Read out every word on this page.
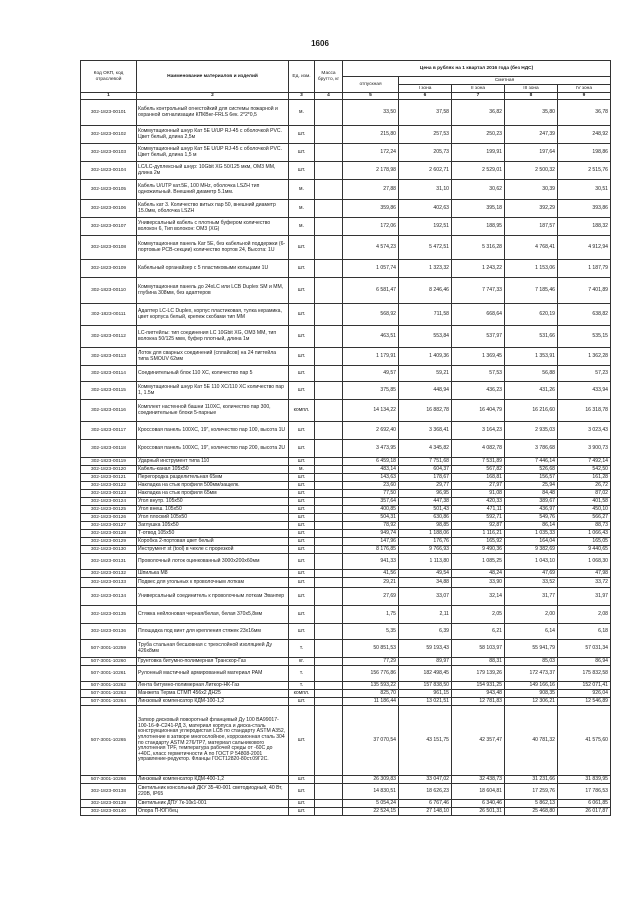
1606
Код ОКП, код отраслевой	Наименование материалов и изделий	Ед. изм.	Масса брутто, кг	Цена в рублях на 1 квартал 2016 года (без НДС)				
				отпускная	Сметная			
					I зона	II зона	III зона	IV зона
1	2	3	4	5	6	7	8	9
302-1823-00101	Кабель контрольный огнестойкий для системы пожарной и охранной сигнализации КПКВнг-FRLS 6ек. 2*2*0,5	м.		33,50	37,58	36,82	35,80	36,78
302-1823-00102	Коммутационный шнур Кат 5E U/UP RJ-45 с оболочкой PVC. Цвет белый, длина 2,5м	шт.		215,80	257,53	250,23	247,39	248,92
302-1823-00103	Коммутационный шнур Кат 5E U/UP RJ-45 с оболочкой PVC. Цвет белый, длина 1,5 м	шт.		172,24	205,73	199,91	197,64	198,86
302-1823-00104	LC/LC-дуплексный шнур: 10Gbit XG 50/125 мкм, OM3 MM, длина 2м	шт.		2 178,98	2 602,71	2 529,01	2 500,32	2 515,76
302-1823-00105	Кабель U/UTP кат.5E, 100 MHz, оболочка LSZH тип одножильный. Внешний диаметр 5.1мм.	м.		27,88	31,10	30,62	30,39	30,51
302-1823-00106	Кабель кат 3. Количество витых пар 50, внешний диаметр 15.0мм, оболочка LSZH	м.		359,86	402,63	395,18	392,29	393,86
302-1823-00107	Универсальный кабель с плотным буфером количество волокон 6, Тип волокон: OM3 (XG)	м.		172,06	192,51	188,95	187,57	188,32
302-1823-00108	Коммутационная панель Кат 5E, без кабельной поддержки (6-портовые PCB-секции) количество портов 24, Высота: 1U	шт.		4 574,23	5 472,51	5 316,28	4 768,41	4 912,94
302-1823-00109	Кабельный органайзер с 5 пластиковыми кольцами 1U	шт.		1 057,74	1 323,32	1 243,22	1 153,06	1 187,79
302-1823-00110	Коммутационная панель до 24xLC или LCB Duplex SM и MM, глубина 308мм, без адаптеров	шт.		6 581,47	8 246,46	7 747,33	7 185,46	7 401,89
302-1823-00111	Адаптер LC-LC Duplex, корпус пластиковая, тулка керамика, цвет корпуса белый, крепеж скобами тип MM	шт.		568,92	711,58	668,64	620,19	638,82
302-1823-00112	LC-пигтейлы: тип соединения LC 10Gbit XG, OM3 MM, тип волокна 50/125 мкм, буфер плотный, длина 1м	шт.		463,51	553,84	537,97	531,66	535,15
302-1823-00113	Лоток для сварных соединений (сплайсов) на 24 пигтейла типа SMOUV 62мм	шт.		1 179,91	1 409,36	1 369,45	1 353,91	1 362,28
302-1823-00114	Соединительный блок 110 XC, количество пар 5	шт.		49,57	59,21	57,53	56,88	57,23
302-1823-00115	Коммутационный шнур Кат 5E 110 XC/110 XC количество пар 1, 1.5м	шт.		375,85	448,94	436,23	431,26	433,94
302-1823-00116	Комплект настенной башни 110XC, количество пар 300, соединительные блоки 5-парные	компл.		14 134,22	16 882,78	16 404,79	16 216,60	16 318,78
302-1823-00117	Кроссовая панель 100XC, 19", количество пар 100, высота 1U	шт.		2 692,40	3 368,41	3 164,23	2 935,03	3 023,43
302-1823-00118	Кроссовая панель 100XC, 19", количество пар 200, высота 2U	шт.		3 473,95	4 345,82	4 082,78	3 786,68	3 900,73
302-1823-00119	Ударный инструмент типа 110	шт.		6 459,18	7 751,68	7 531,89	7 446,14	7 492,14
302-1823-00120	Кабель-канал 105х50	м.		483,14	604,37	567,82	526,68	542,50
302-1823-00121	Перегородка разделительная 65мм	шт.		143,63	178,67	168,81	156,57	161,28
302-1823-00122	Накладка на стык профиля 500мм/защелк.	шт.		23,60	29,77	27,97	25,94	26,72
302-1823-00123	Накладка на стык профиля 65мм	шт.		77,50	96,95	91,08	84,48	87,02
302-1823-00124	Угол внутр. 105х50	шт.		357,64	447,38	420,33	389,67	401,58
302-1823-00125	Угол внеш. 105х50	шт.		400,85	501,43	471,11	436,97	450,10
302-1823-00126	Угол плоский 105х50	шт.		504,31	630,86	592,71	549,76	566,27
302-1823-00127	Заглушка 105х50	шт.		78,92	98,85	92,87	86,14	88,73
302-1823-00128	Т-отвод 105х50	шт.		949,74	1 188,06	1 116,21	1 035,33	1 066,43
302-1823-00129	Коробка 2-портовая цвет белый	шт.		147,96	176,76	165,92	164,04	165,05
302-1823-00130	Инструмент st (tool) в чехле с прорезкой	шт.		8 176,85	9 766,93	9 490,36	9 382,69	9 440,65
302-1823-00131	Проволочный лоток оцинкованный 3000х200х60мм	шт.		941,33	1 113,80	1 085,25	1 043,10	1 068,30
302-1823-00132	Шпилька М8	шт.		41,56	49,54	48,24	47,69	47,98
302-1823-00133	Подвес для угольных к проволочным лоткам	шт.		29,21	34,88	33,90	33,52	33,72
302-1823-00134	Универсальный соединитель к проволочным лоткам Эванпер	шт.		27,69	33,07	32,14	31,77	31,97
302-1823-00135	Стяжка нейлоновая черная/белая, белая 370х5,8мм	шт.		1,75	2,11	2,05	2,00	2,08
302-1823-00136	Площадка под винт для крепления стяжек 23х16мм	шт.		5,35	6,39	6,21	6,14	6,18
507-3001-10259	Труба стальная бесшовная с трехслойной изоляцией Ду 426х8мм	т.		50 851,53	59 193,43	58 103,97	55 941,79	57 031,34
507-3001-10260	Грунтовка битумно-полимерная Транскор-Газ	кг.		77,29	89,97	88,31	85,03	86,94
507-3001-10261	Рулонный мастичный армированный материал РАМ	т.		156 776,86	182 498,45	179 139,26	172 473,37	175 832,58
507-3001-10262	Лента битумно-полимерная Литкор-НК-Газ	т.		135 593,22	157 838,50	154 931,25	149 166,16	152 071,41
507-3001-10263	Манжета Терма СТМП 456х2 ДН25	компл.		825,70	961,15	943,48	908,35	926,04
507-3001-10264	Линзовый компенсатор КДМ-100-1,2	шт.		11 186,44	13 021,51	12 781,83	12 306,21	12 546,89
507-3001-10265	Затвор дисковый поворотный фланцевый Ду 100 BA99017-100-16-Ф-С241-РД 3, материал корпуса и диска-сталь конструкционная углеродистая LCB по стандарту ASTM A352, уплотнение в затворе многослойное, коррозионная сталь 304 по стандарту ASTM 276/TP7, материал сальникового уплотнения TPF, температура рабочей среды от -60С до +40С, класс герметичности А по ГОСТ Р 54808-2001 управление-редуктор. Фланцы ГОСТ12820-80ст.09Г2С.	шт.		37 070,54	43 151,75	42 357,47	40 781,32	41 575,60
507-3001-10266	Линзовый компенсатор КДМ-400-1,2	шт.		26 309,83	33 047,02	32 438,73	31 231,66	31 839,95
302-1823-00138	Светильник консольный ДКУ 35-40-001 светодиодный, 40 Вт, 220В, IP65	шт.		14 830,51	18 626,23	18 604,81	17 259,76	17 786,53
302-1823-00139	Светильник ДПУ 7к-10к1-001	шт.		5 054,24	6 767,46	6 340,46	5 862,13	6 061,85
302-1823-00140	Опора П-ЮГ/бец	шт.		22 524,15	27 148,10	26 501,31	25 468,80	26 017,87
